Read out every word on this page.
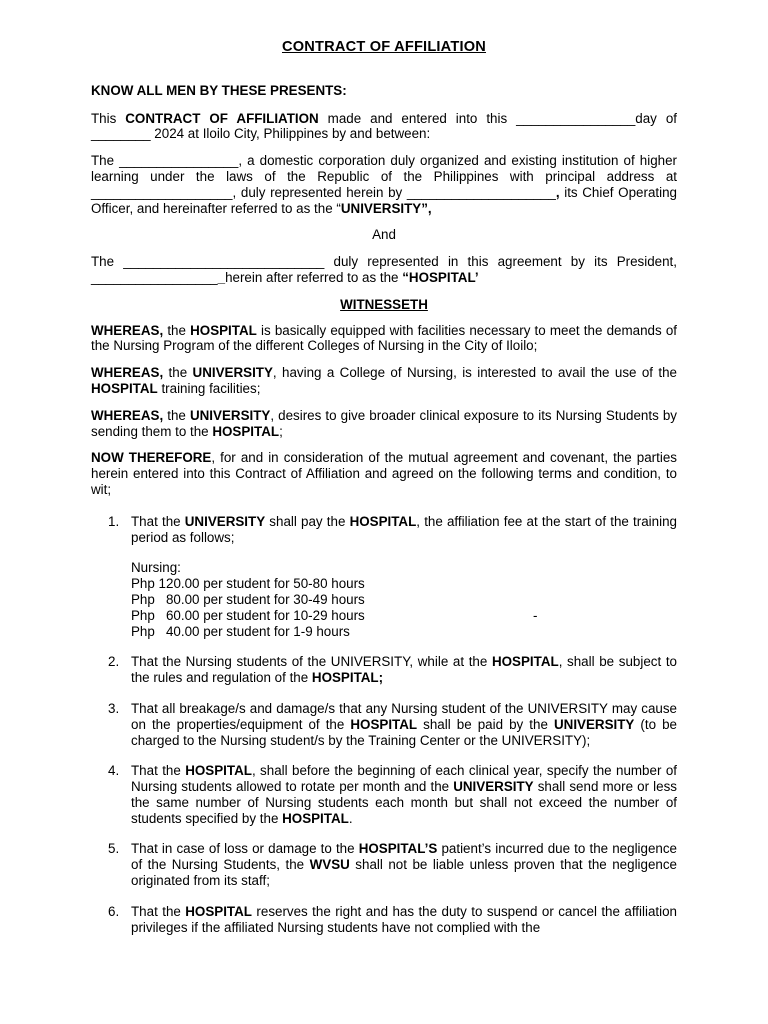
CONTRACT OF AFFILIATION
KNOW ALL MEN BY THESE PRESENTS:

This CONTRACT OF AFFILIATION made and entered into this ________________day of ________ 2024 at Iloilo City, Philippines by and between:

The ________________, a domestic corporation duly organized and existing institution of higher learning under the laws of the Republic of the Philippines with principal address at ___________________, duly represented herein by ____________________, its Chief Operating Officer, and hereinafter referred to as the “UNIVERSITY”,

And

The ___________________________ duly represented in this agreement by its President, __________________herein after referred to as the “HOSPITAL’

WITNESSETH

WHEREAS, the HOSPITAL is basically equipped with facilities necessary to meet the demands of the Nursing Program of the different Colleges of Nursing in the City of Iloilo;

WHEREAS, the UNIVERSITY, having a College of Nursing, is interested to avail the use of the HOSPITAL training facilities;

WHEREAS, the UNIVERSITY, desires to give broader clinical exposure to its Nursing Students by sending them to the HOSPITAL;

NOW THEREFORE, for and in consideration of the mutual agreement and covenant, the parties herein entered into this Contract of Affiliation and agreed on the following terms and condition, to wit;

1. That the UNIVERSITY shall pay the HOSPITAL, the affiliation fee at the start of the training period as follows;
Nursing:
Php 120.00 per student for 50-80 hours
Php   80.00 per student for 30-49 hours
Php   60.00 per student for 10-29 hours	-
Php   40.00 per student for 1-9 hours
2. That the Nursing students of the UNIVERSITY, while at the HOSPITAL, shall be subject to the rules and regulation of the HOSPITAL;
3. That all breakage/s and damage/s that any Nursing student of the UNIVERSITY may cause on the properties/equipment of the HOSPITAL shall be paid by the UNIVERSITY (to be charged to the Nursing student/s by the Training Center or the UNIVERSITY);
4. That the HOSPITAL, shall before the beginning of each clinical year, specify the number of Nursing students allowed to rotate per month and the UNIVERSITY shall send more or less the same number of Nursing students each month but shall not exceed the number of students specified by the HOSPITAL.
5. That in case of loss or damage to the HOSPITAL’S patient’s incurred due to the negligence of the Nursing Students, the WVSU shall not be liable unless proven that the negligence originated from its staff;
6. That the HOSPITAL reserves the right and has the duty to suspend or cancel the affiliation privileges if the affiliated Nursing students have not complied with the
